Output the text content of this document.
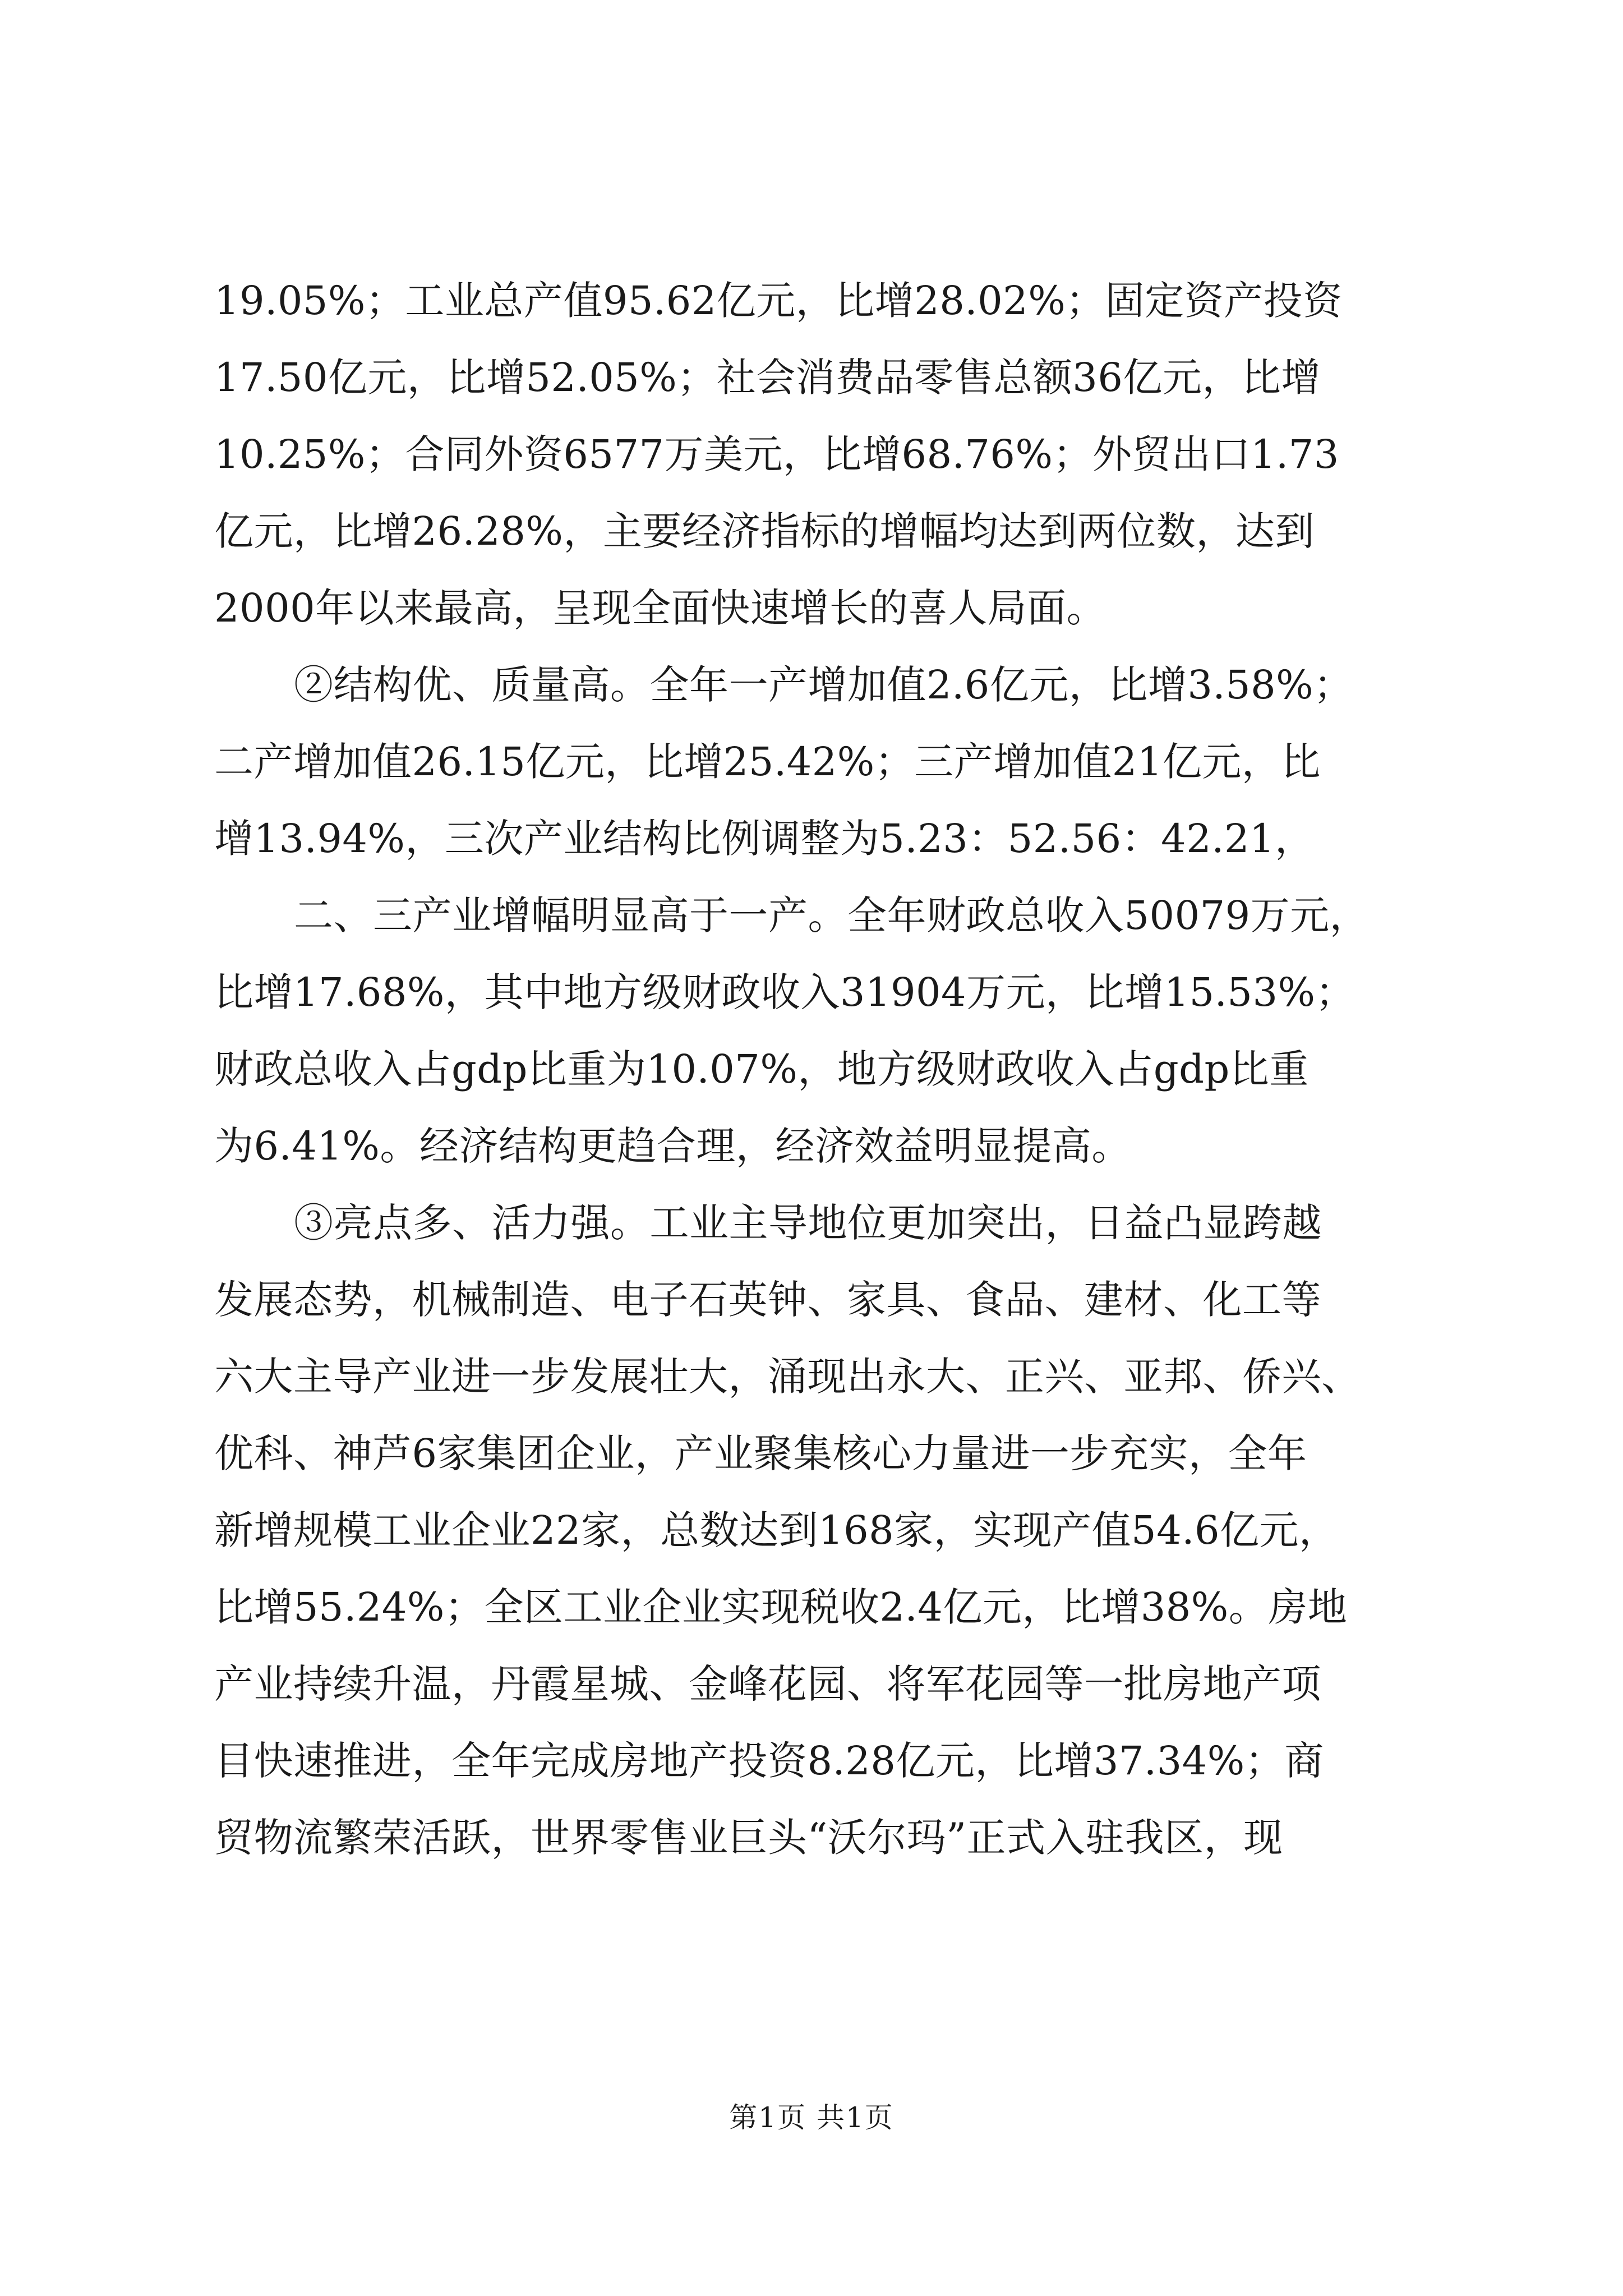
19.05%；工业总产值95.62亿元，比增28.02%；固定资产投资
17.50亿元，比增52.05%；社会消费品零售总额36亿元，比增
10.25%；合同外资6577万美元，比增68.76%；外贸出口1.73
亿元，比增26.28%，主要经济指标的增幅均达到两位数，达到
2000年以来最高，呈现全面快速增长的喜人局面。
②结构优、质量高。全年一产增加值2.6亿元，比增3.58%；
二产增加值26.15亿元，比增25.42%；三产增加值21亿元，比
增13.94%，三次产业结构比例调整为5.23：52.56：42.21，
二、三产业增幅明显高于一产。全年财政总收入50079万元，
比增17.68%，其中地方级财政收入31904万元，比增15.53%；
财政总收入占gdp比重为10.07%，地方级财政收入占gdp比重
为6.41%。经济结构更趋合理，经济效益明显提高。
③亮点多、活力强。工业主导地位更加突出，日益凸显跨越
发展态势，机械制造、电子石英钟、家具、食品、建材、化工等
六大主导产业进一步发展壮大，涌现出永大、正兴、亚邦、侨兴、
优科、神芦6家集团企业，产业聚集核心力量进一步充实，全年
新增规模工业企业22家，总数达到168家，实现产值54.6亿元，
比增55.24%；全区工业企业实现税收2.4亿元，比增38%。房地
产业持续升温，丹霞星城、金峰花园、将军花园等一批房地产项
目快速推进，全年完成房地产投资8.28亿元，比增37.34%；商
贸物流繁荣活跃，世界零售业巨头“沃尔玛”正式入驻我区，现
第1页 共1页
